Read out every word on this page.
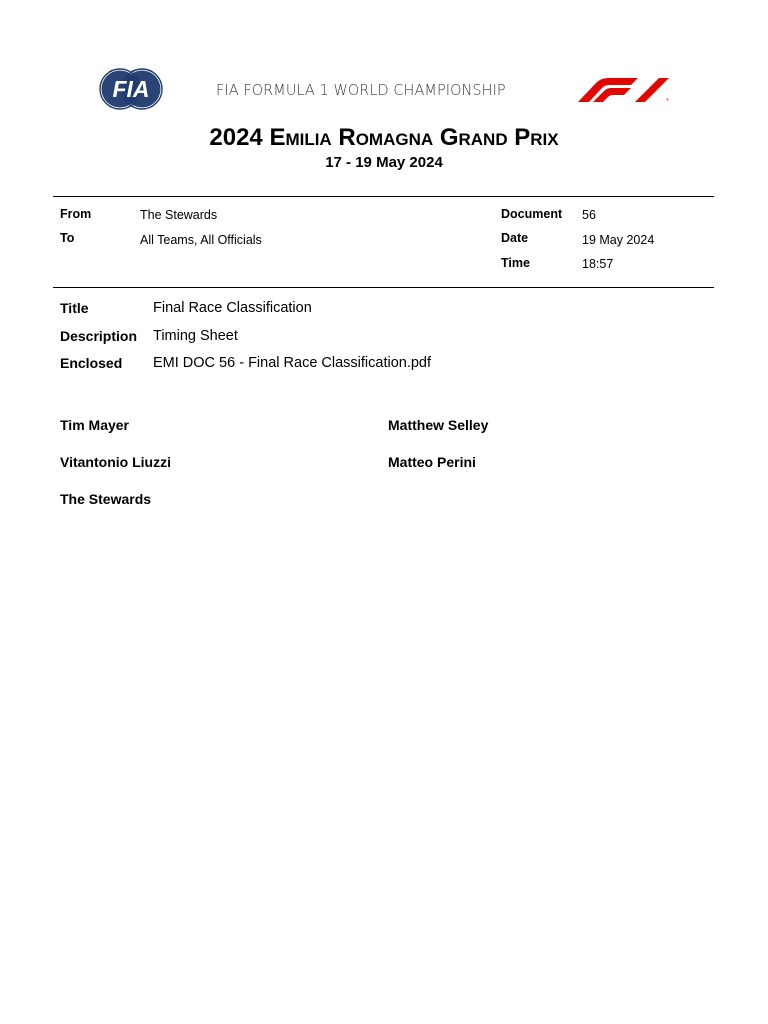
FIA	FIA FORMULA 1 WORLD CHAMPIONSHIP
®
2024 Emilia Romagna Grand Prix
17 - 19 May 2024
From	The Stewards
To	All Teams, All Officials
Document 56
Date	19 May 2024
Time	18:57
Title	Final Race Classification
Description Timing Sheet
Enclosed EMI DOC 56 - Final Race Classification.pdf
Tim Mayer	Matthew Selley
Vitantonio Liuzzi	Matteo Perini
The Stewards
